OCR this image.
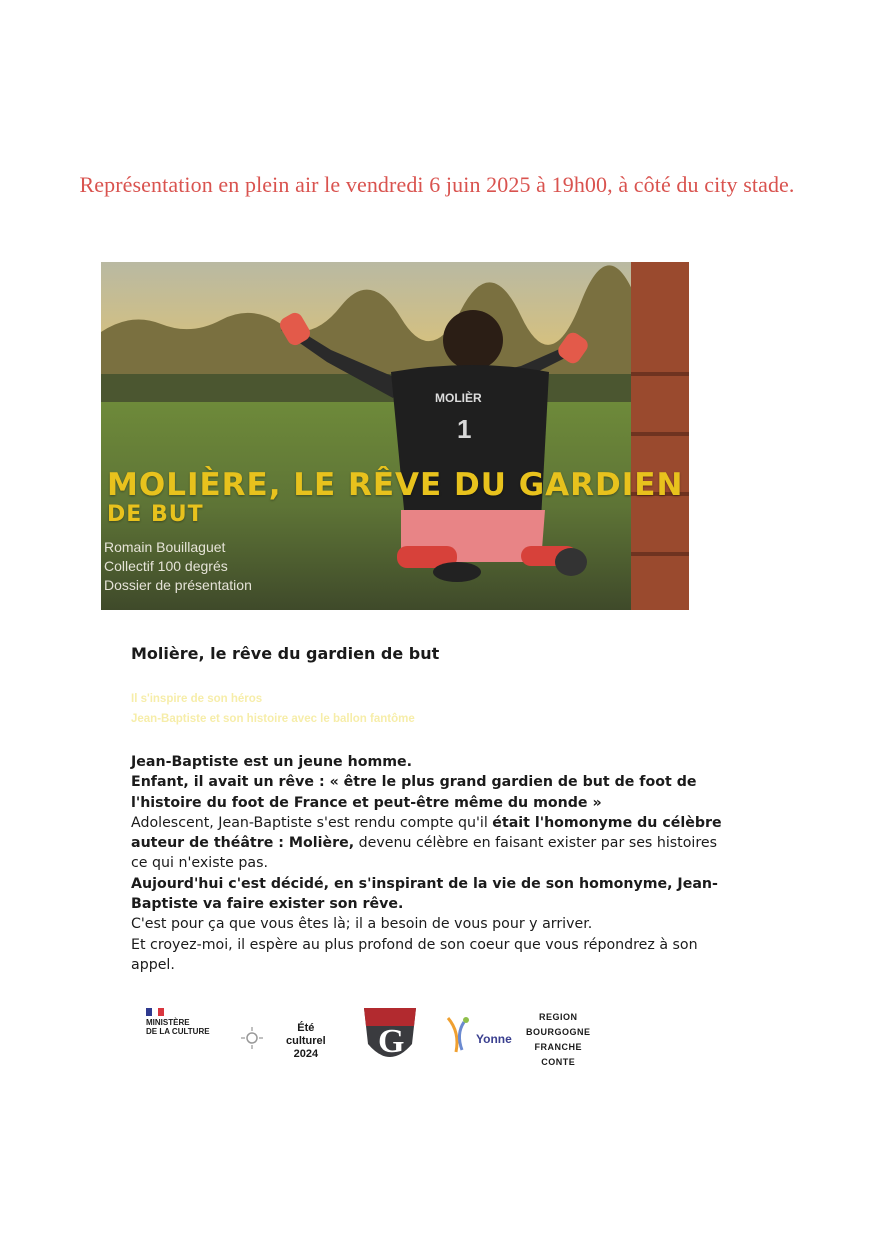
Représentation en plein air le vendredi 6 juin 2025 à 19h00, à côté du city stade.
MOLIÈR
1
MOLIÈRE, LE RÊVE DU GARDIEN
DE BUT
Romain Bouillaguet
Collectif 100 degrés
Dossier de présentation
Molière, le rêve du gardien de but
Il s'inspire de son héros
Jean-Baptiste et son histoire avec le ballon fantôme

Jean-Baptiste est un jeune homme.

Enfant, il avait un rêve : « être le plus grand gardien de but de foot de l'histoire du foot de France et peut-être même du monde »

Adolescent, Jean-Baptiste s'est rendu compte qu'il était l'homonyme du célèbre auteur de théâtre : Molière, devenu célèbre en faisant exister par ses histoires ce qui n'existe pas.

Aujourd'hui c'est décidé, en s'inspirant de la vie de son homonyme, Jean-Baptiste va faire exister son rêve.

C'est pour ça que vous êtes là; il a besoin de vous pour y arriver.

Et croyez-moi, il espère au plus profond de son coeur que vous répondrez à son appel.

MINISTÈRE
DE LA CULTURE	Été
culturel
2024 G	Yonne
REGION
BOURGOGNE
FRANCHE
CONTE
